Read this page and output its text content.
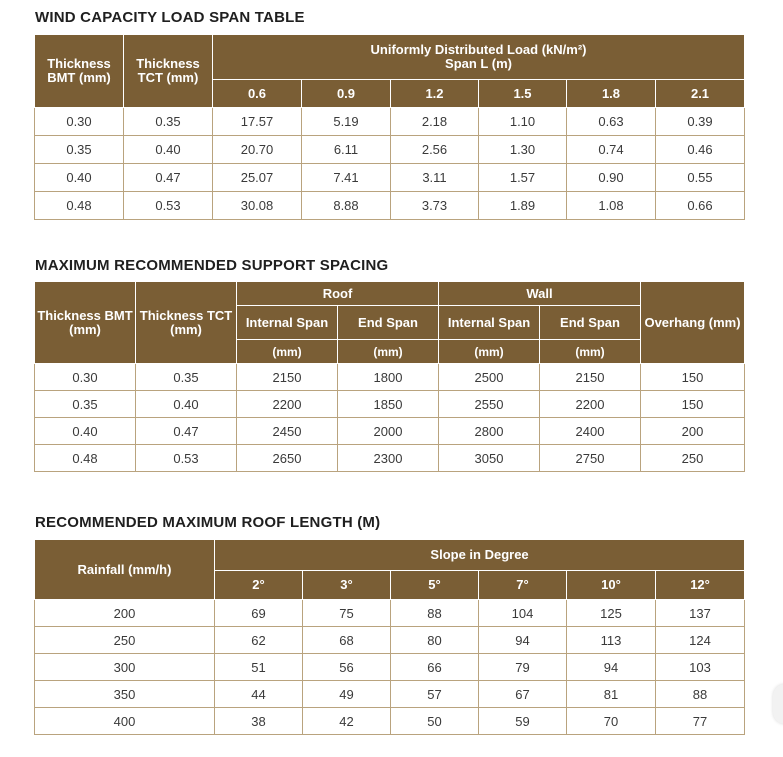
WIND CAPACITY LOAD SPAN TABLE
Thickness BMT (mm)	Thickness TCT (mm)	Uniformly Distributed Load (kN/m²)
Span L (m)					

		0.6	0.9	1.2	1.5	1.8	2.1
0.30	0.35	17.57	5.19	2.18	1.10	0.63	0.39
0.35	0.40	20.70	6.11	2.56	1.30	0.74	0.46
0.40	0.47	25.07	7.41	3.11	1.57	0.90	0.55
0.48	0.53	30.08	8.88	3.73	1.89	1.08	0.66
MAXIMUM RECOMMENDED SUPPORT SPACING
Thickness BMT (mm)	Thickness TCT (mm)	Roof		Wall		Overhang (mm)
		Internal Span	End Span	Internal Span	End Span	
		(mm)	(mm)	(mm)	(mm)	
0.30	0.35	2150	1800	2500	2150	150
0.35	0.40	2200	1850	2550	2200	150
0.40	0.47	2450	2000	2800	2400	200
0.48	0.53	2650	2300	3050	2750	250
RECOMMENDED MAXIMUM ROOF LENGTH (M)
Rainfall (mm/h)	Slope in Degree					
	2°	3°	5°	7°	10°	12°
200	69	75	88	104	125	137
250	62	68	80	94	113	124
300	51	56	66	79	94	103
350	44	49	57	67	81	88
400	38	42	50	59	70	77
